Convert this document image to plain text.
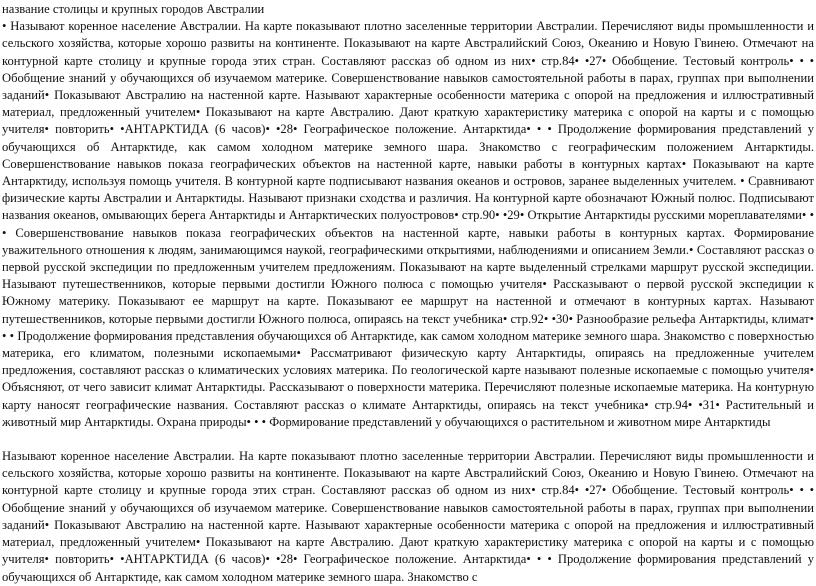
название столицы и крупных городов Австралии

• Называют коренное население Австралии. На карте показывают плотно заселенные территории Австралии. Перечисляют виды промышленности и сельского хозяйства, которые хорошо развиты на континенте. Показывают на карте Австралийский Союз, Океанию и Новую Гвинею. Отмечают на контурной карте столицу и крупные города этих стран. Составляют рассказ об одном из них• стр.84• •27• Обобщение. Тестовый контроль• • • Обобщение знаний у обучающихся об изучаемом материке. Совершенствование навыков самостоятельной работы в парах, группах при выполнении заданий• Показывают Австралию на настенной карте. Называют характерные особенности материка с опорой на предложения и иллюстративный материал, предложенный учителем• Показывают на карте Австралию. Дают краткую характеристику материка с опорой на карты и с помощью учителя• повторить• •АНТАРКТИДА (6 часов)• •28• Географическое положение. Антарктида• • • Продолжение формирования представлений у обучающихся об Антарктиде, как самом холодном материке земного шара. Знакомство с географическим положением Антарктиды. Совершенствование навыков показа географических объектов на настенной карте, навыки работы в контурных картах• Показывают на карте Антарктиду, используя помощь учителя. В контурной карте подписывают названия океанов и островов, заранее выделенных учителем. • Сравнивают физические карты Австралии и Антарктиды. Называют признаки сходства и различия. На контурной карте обозначают Южный полюс. Подписывают названия океанов, омывающих берега Антарктиды и Антарктических полуостровов• стр.90• •29• Открытие Антарктиды русскими мореплавателями• • • Совершенствование навыков показа географических объектов на настенной карте, навыки работы в контурных картах. Формирование уважительного отношения к людям, занимающимся наукой, географическими открытиями, наблюдениями и описанием Земли.• Составляют рассказ о первой русской экспедиции по предложенным учителем предложениям. Показывают на карте выделенный стрелками маршрут русской экспедиции. Называют путешественников, которые первыми достигли Южного полюса с помощью учителя• Рассказывают о первой русской экспедиции к Южному материку. Показывают ее маршрут на карте. Показывают ее маршрут на настенной и отмечают в контурных картах. Называют путешественников, которые первыми достигли Южного полюса, опираясь на текст учебника• стр.92• •30• Разнообразие рельефа Антарктиды, климат• • • Продолжение формирования представления обучающихся об Антарктиде, как самом холодном материке земного шара. Знакомство с поверхностью материка, его климатом, полезными ископаемыми• Рассматривают физическую карту Антарктиды, опираясь на предложенные учителем предложения, составляют рассказ о климатических условиях материка. По геологической карте называют полезные ископаемые с помощью учителя• Объясняют, от чего зависит климат Антарктиды. Рассказывают о поверхности материка. Перечисляют полезные ископаемые материка. На контурную карту наносят географические названия. Составляют рассказ о климате Антарктиды, опираясь на текст учебника• стр.94• •31• Растительный и животный мир Антарктиды. Охрана природы• • • Формирование представлений у обучающихся о растительном и животном мире Антарктиды

Называют коренное население Австралии. На карте показывают плотно заселенные территории Австралии. Перечисляют виды промышленности и сельского хозяйства, которые хорошо развиты на континенте. Показывают на карте Австралийский Союз, Океанию и Новую Гвинею. Отмечают на контурной карте столицу и крупные города этих стран. Составляют рассказ об одном из них• стр.84• •27• Обобщение. Тестовый контроль• • • Обобщение знаний у обучающихся об изучаемом материке. Совершенствование навыков самостоятельной работы в парах, группах при выполнении заданий• Показывают Австралию на настенной карте. Называют характерные особенности материка с опорой на предложения и иллюстративный материал, предложенный учителем• Показывают на карте Австралию. Дают краткую характеристику материка с опорой на карты и с помощью учителя• повторить• •АНТАРКТИДА (6 часов)• •28• Географическое положение. Антарктида• • • Продолжение формирования представлений у обучающихся об Антарктиде, как самом холодном материке земного шара. Знакомство с
